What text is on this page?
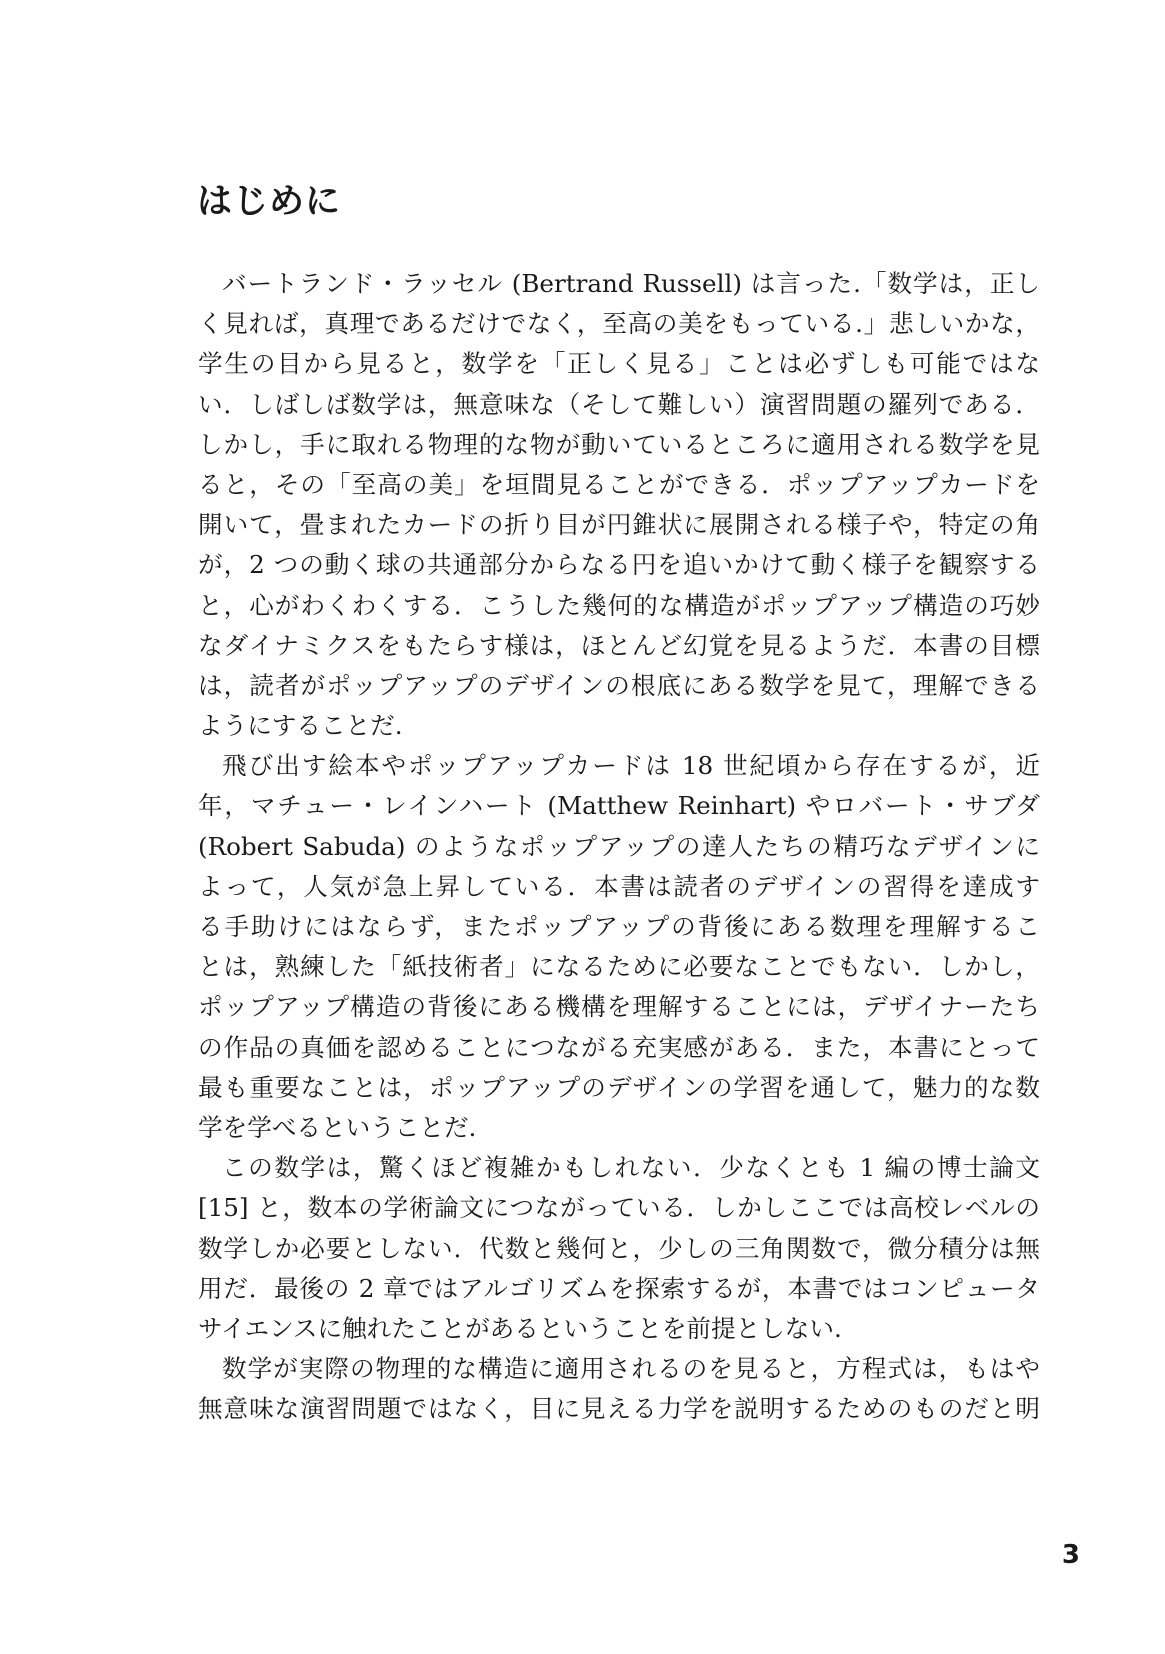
はじめに
バートランド・ラッセル (Bertrand Russell) は言った.「数学は，正し
く見れば，真理であるだけでなく，至高の美をもっている.」悲しいかな，
学生の目から見ると，数学を「正しく見る」ことは必ずしも可能ではな
い．しばしば数学は，無意味な（そして難しい）演習問題の羅列である．
しかし，手に取れる物理的な物が動いているところに適用される数学を見
ると，その「至高の美」を垣間見ることができる．ポップアップカードを
開いて，畳まれたカードの折り目が円錐状に展開される様子や，特定の角
が，2 つの動く球の共通部分からなる円を追いかけて動く様子を観察する
と，心がわくわくする．こうした幾何的な構造がポップアップ構造の巧妙
なダイナミクスをもたらす様は，ほとんど幻覚を見るようだ．本書の目標
は，読者がポップアップのデザインの根底にある数学を見て，理解できる
ようにすることだ.
飛び出す絵本やポップアップカードは 18 世紀頃から存在するが，近
年，マチュー・レインハート (Matthew Reinhart) やロバート・サブダ
(Robert Sabuda) のようなポップアップの達人たちの精巧なデザインに
よって，人気が急上昇している．本書は読者のデザインの習得を達成す
る手助けにはならず，またポップアップの背後にある数理を理解するこ
とは，熟練した「紙技術者」になるために必要なことでもない．しかし，
ポップアップ構造の背後にある機構を理解することには，デザイナーたち
の作品の真価を認めることにつながる充実感がある．また，本書にとって
最も重要なことは，ポップアップのデザインの学習を通して，魅力的な数
学を学べるということだ.
この数学は，驚くほど複雑かもしれない．少なくとも 1 編の博士論文
[15] と，数本の学術論文につながっている．しかしここでは高校レベルの
数学しか必要としない．代数と幾何と，少しの三角関数で，微分積分は無
用だ．最後の 2 章ではアルゴリズムを探索するが，本書ではコンピュータ
サイエンスに触れたことがあるということを前提としない.
数学が実際の物理的な構造に適用されるのを見ると，方程式は，もはや
無意味な演習問題ではなく，目に見える力学を説明するためのものだと明
3
